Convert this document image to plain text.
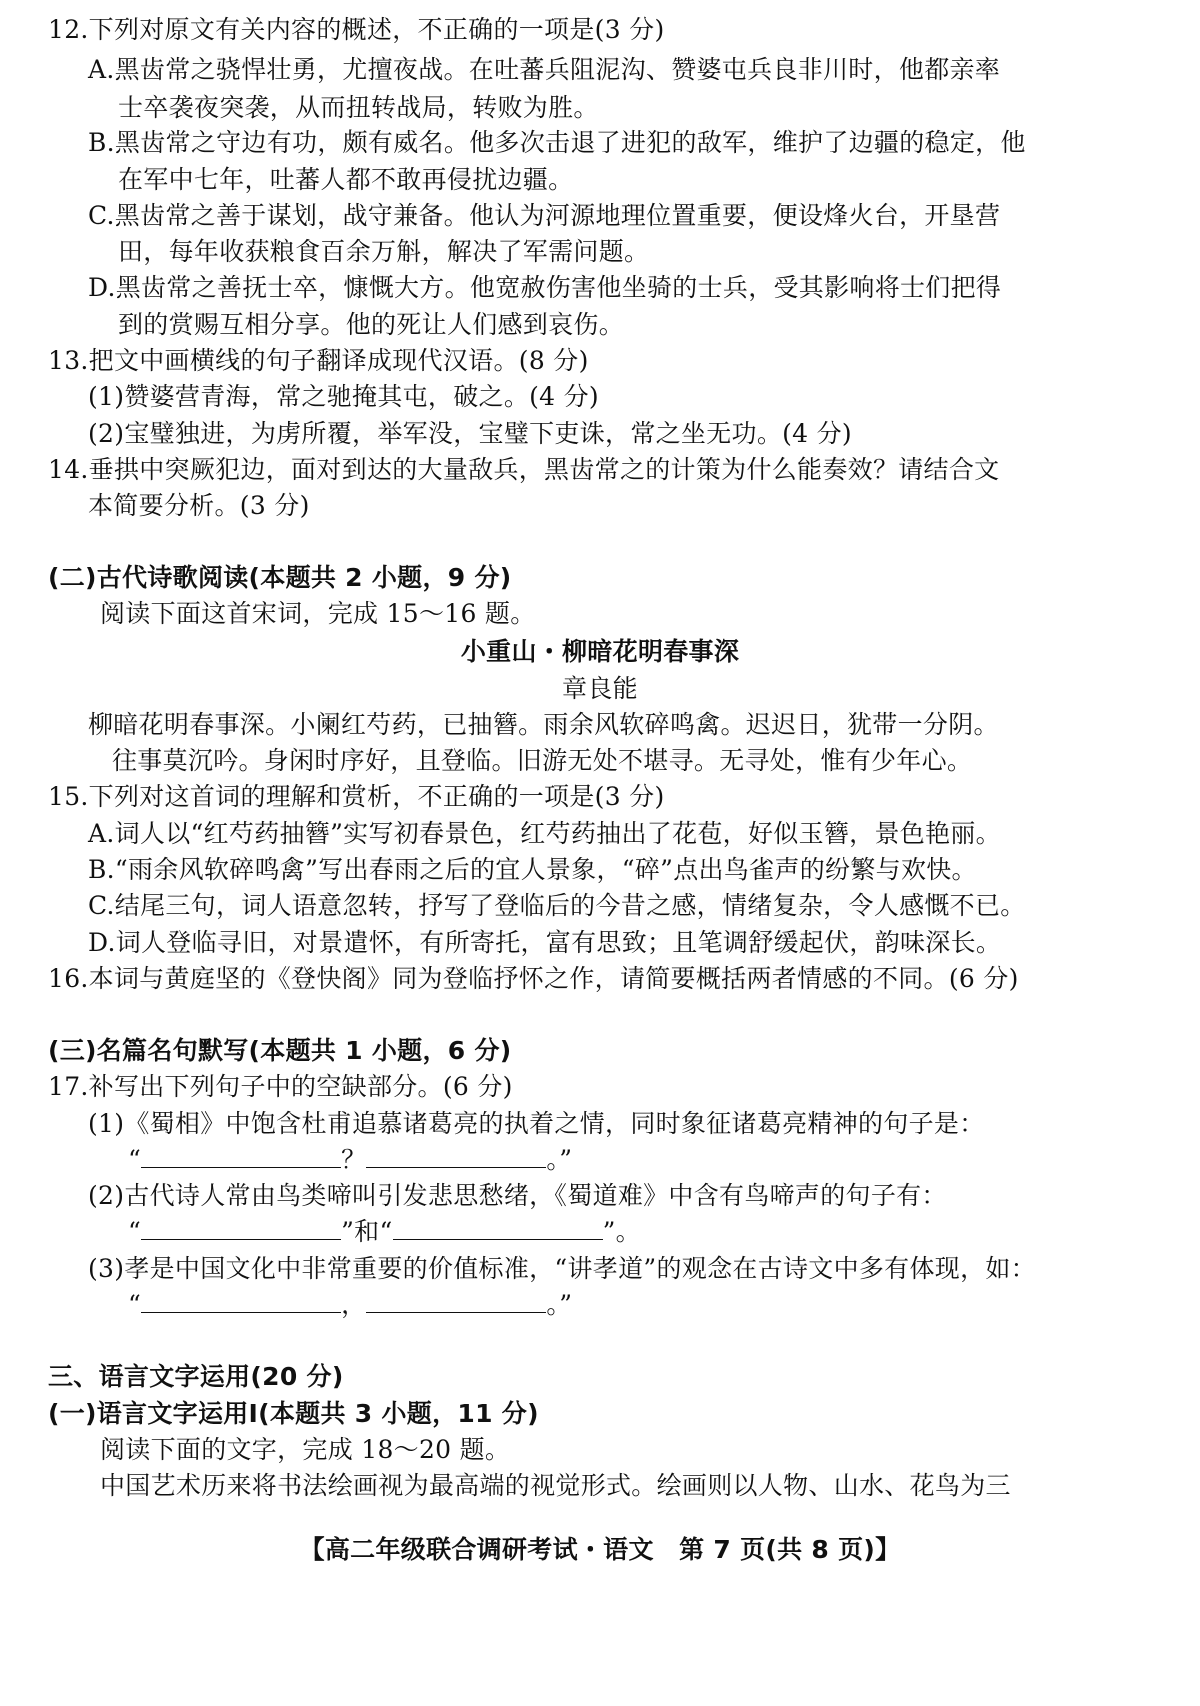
12.下列对原文有关内容的概述，不正确的一项是(3 分)
A.黑齿常之骁悍壮勇，尤擅夜战。在吐蕃兵阻泥沟、赞婆屯兵良非川时，他都亲率
士卒袭夜突袭，从而扭转战局，转败为胜。
B.黑齿常之守边有功，颇有威名。他多次击退了进犯的敌军，维护了边疆的稳定，他
在军中七年，吐蕃人都不敢再侵扰边疆。
C.黑齿常之善于谋划，战守兼备。他认为河源地理位置重要，便设烽火台，开垦营
田，每年收获粮食百余万斛，解决了军需问题。
D.黑齿常之善抚士卒，慷慨大方。他宽赦伤害他坐骑的士兵，受其影响将士们把得
到的赏赐互相分享。他的死让人们感到哀伤。
13.把文中画横线的句子翻译成现代汉语。(8 分)
(1)赞婆营青海，常之驰掩其屯，破之。(4 分)
(2)宝璧独进，为虏所覆，举军没，宝璧下吏诛，常之坐无功。(4 分)
14.垂拱中突厥犯边，面对到达的大量敌兵，黑齿常之的计策为什么能奏效？请结合文
本简要分析。(3 分)
(二)古代诗歌阅读(本题共 2 小题，9 分)
阅读下面这首宋词，完成 15～16 题。
小重山・柳暗花明春事深
章良能
柳暗花明春事深。小阑红芍药，已抽簪。雨余风软碎鸣禽。迟迟日，犹带一分阴。
往事莫沉吟。身闲时序好，且登临。旧游无处不堪寻。无寻处，惟有少年心。
15.下列对这首词的理解和赏析，不正确的一项是(3 分)
A.词人以“红芍药抽簪”实写初春景色，红芍药抽出了花苞，好似玉簪，景色艳丽。
B.“雨余风软碎鸣禽”写出春雨之后的宜人景象，“碎”点出鸟雀声的纷繁与欢快。
C.结尾三句，词人语意忽转，抒写了登临后的今昔之感，情绪复杂，令人感慨不已。
D.词人登临寻旧，对景遣怀，有所寄托，富有思致；且笔调舒缓起伏，韵味深长。
16.本词与黄庭坚的《登快阁》同为登临抒怀之作，请简要概括两者情感的不同。(6 分)
(三)名篇名句默写(本题共 1 小题，6 分)
17.补写出下列句子中的空缺部分。(6 分)
(1)《蜀相》中饱含杜甫追慕诸葛亮的执着之情，同时象征诸葛亮精神的句子是：
“	？	。”
(2)古代诗人常由鸟类啼叫引发悲思愁绪，《蜀道难》中含有鸟啼声的句子有：
“	”和“	”。
(3)孝是中国文化中非常重要的价值标准，“讲孝道”的观念在古诗文中多有体现，如：
“	，	。”
三、语言文字运用(20 分)
(一)语言文字运用Ⅰ(本题共 3 小题，11 分)
阅读下面的文字，完成 18～20 题。
中国艺术历来将书法绘画视为最高端的视觉形式。绘画则以人物、山水、花鸟为三
【高二年级联合调研考试・语文　第 7 页(共 8 页)】
